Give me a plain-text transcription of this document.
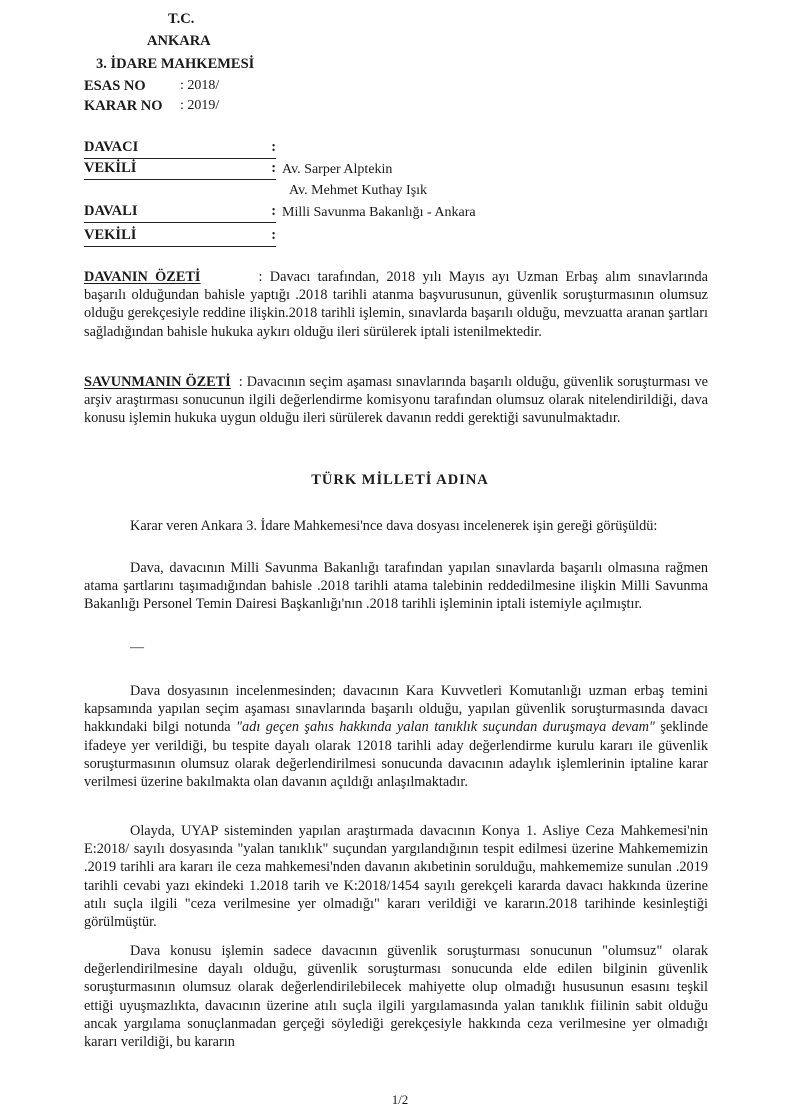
T.C.
ANKARA
3. İDARE MAHKEMESİ
ESAS NO : 2018/
KARAR NO : 2019/
DAVACI	:
VEKİLİ	: Av. Sarper Alptekin
Av. Mehmet Kuthay Işık
DAVALI	: Milli Savunma Bakanlığı - Ankara
VEKİLİ	:

DAVANIN ÖZETİ	: Davacı tarafından, 2018 yılı Mayıs ayı Uzman Erbaş alım sınavlarında başarılı olduğundan bahisle yaptığı .2018 tarihli atanma başvurusunun, güvenlik soruşturmasının olumsuz olduğu gerekçesiyle reddine ilişkin.2018 tarihli işlemin, sınavlarda başarılı olduğu, mevzuatta aranan şartları sağladığından bahisle hukuka aykırı olduğu ileri sürülerek iptali istenilmektedir.

SAVUNMANIN ÖZETİ : Davacının seçim aşaması sınavlarında başarılı olduğu, güvenlik soruşturması ve arşiv araştırması sonucunun ilgili değerlendirme komisyonu tarafından olumsuz olarak nitelendirildiği, dava konusu işlemin hukuka uygun olduğu ileri sürülerek davanın reddi gerektiği savunulmaktadır.

TÜRK MİLLETİ ADINA

Karar veren Ankara 3. İdare Mahkemesi'nce dava dosyası incelenerek işin gereği görüşüldü:

Dava, davacının Milli Savunma Bakanlığı tarafından yapılan sınavlarda başarılı olmasına rağmen atama şartlarını taşımadığından bahisle .2018 tarihli atama talebinin reddedilmesine ilişkin Milli Savunma Bakanlığı Personel Temin Dairesi Başkanlığı'nın .2018 tarihli işleminin iptali istemiyle açılmıştır.

—

Dava dosyasının incelenmesinden; davacının Kara Kuvvetleri Komutanlığı uzman erbaş temini kapsamında yapılan seçim aşaması sınavlarında başarılı olduğu, yapılan güvenlik soruşturmasında davacı hakkındaki bilgi notunda "adı geçen şahıs hakkında yalan tanıklık suçundan duruşmaya devam" şeklinde ifadeye yer verildiği, bu tespite dayalı olarak 12018 tarihli aday değerlendirme kurulu kararı ile güvenlik soruşturmasının olumsuz olarak değerlendirilmesi sonucunda davacının adaylık işlemlerinin iptaline karar verilmesi üzerine bakılmakta olan davanın açıldığı anlaşılmaktadır.

Olayda, UYAP sisteminden yapılan araştırmada davacının Konya 1. Asliye Ceza Mahkemesi'nin E:2018/ sayılı dosyasında "yalan tanıklık" suçundan yargılandığının tespit edilmesi üzerine Mahkememizin .2019 tarihli ara kararı ile ceza mahkemesi'nden davanın akıbetinin sorulduğu, mahkememize sunulan .2019 tarihli cevabi yazı ekindeki 1.2018 tarih ve K:2018/1454 sayılı gerekçeli kararda davacı hakkında üzerine atılı suçla ilgili "ceza verilmesine yer olmadığı" kararı verildiği ve kararın.2018 tarihinde kesinleştiği görülmüştür.

Dava konusu işlemin sadece davacının güvenlik soruşturması sonucunun "olumsuz" olarak değerlendirilmesine dayalı olduğu, güvenlik soruşturması sonucunda elde edilen bilginin güvenlik soruşturmasının olumsuz olarak değerlendirilebilecek mahiyette olup olmadığı hususunun esasını teşkil ettiği uyuşmazlıkta, davacının üzerine atılı suçla ilgili yargılamasında yalan tanıklık fiilinin sabit olduğu ancak yargılama sonuçlanmadan gerçeği söylediği gerekçesiyle hakkında ceza verilmesine yer olmadığı kararı verildiği, bu kararın

1/2
